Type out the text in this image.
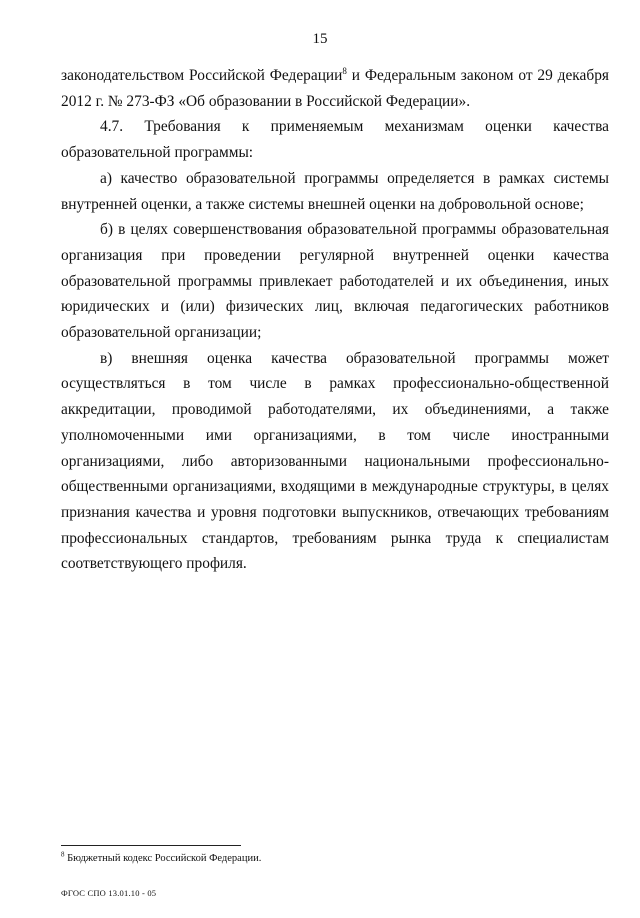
15

законодательством Российской Федерации$^8$ и Федеральным законом от 29 декабря 2012 г. № 273-ФЗ «Об образовании в Российской Федерации».

4.7. Требования к применяемым механизмам оценки качества образовательной программы:

а) качество образовательной программы определяется в рамках системы внутренней оценки, а также системы внешней оценки на добровольной основе;

б) в целях совершенствования образовательной программы образовательная организация при проведении регулярной внутренней оценки качества образовательной программы привлекает работодателей и их объединения, иных юридических и (или) физических лиц, включая педагогических работников образовательной организации;

в) внешняя оценка качества образовательной программы может осуществляться в том числе в рамках профессионально-общественной аккредитации, проводимой работодателями, их объединениями, а также уполномоченными ими организациями, в том числе иностранными организациями, либо авторизованными национальными профессионально-общественными организациями, входящими в международные структуры, в целях признания качества и уровня подготовки выпускников, отвечающих требованиям профессиональных стандартов, требованиям рынка труда к специалистам соответствующего профиля.

$^8$ Бюджетный кодекс Российской Федерации.
ФГОС СПО 13.01.10 - 05
